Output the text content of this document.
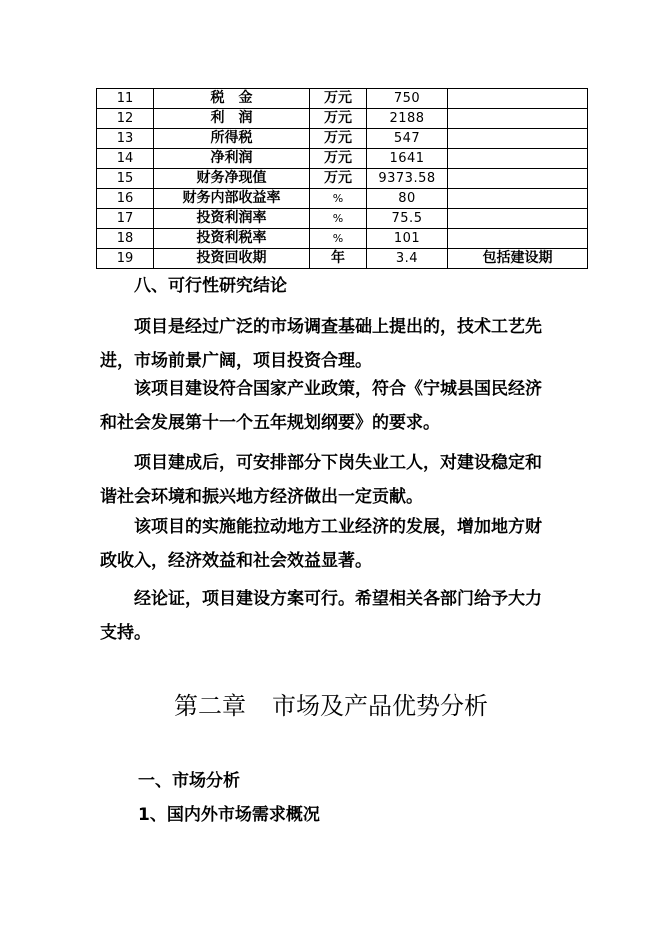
11	税　金	万元	750	
12	利　润	万元	2188	
13	所得税	万元	547	
14	净利润	万元	1641	
15	财务净现值	万元	9373.58	
16	财务内部收益率	%	80	
17	投资利润率	%	75.5	
18	投资利税率	%	101	
19	投资回收期	年	3.4	包括建设期
八、可行性研究结论
项目是经过广泛的市场调查基础上提出的，技术工艺先
进，市场前景广阔，项目投资合理。
该项目建设符合国家产业政策，符合《宁城县国民经济
和社会发展第十一个五年规划纲要》的要求。
项目建成后，可安排部分下岗失业工人，对建设稳定和
谐社会环境和振兴地方经济做出一定贡献。
该项目的实施能拉动地方工业经济的发展，增加地方财
政收入，经济效益和社会效益显著。
经论证，项目建设方案可行。希望相关各部门给予大力
支持。
第二章 市场及产品优势分析
一、市场分析
1、国内外市场需求概况
